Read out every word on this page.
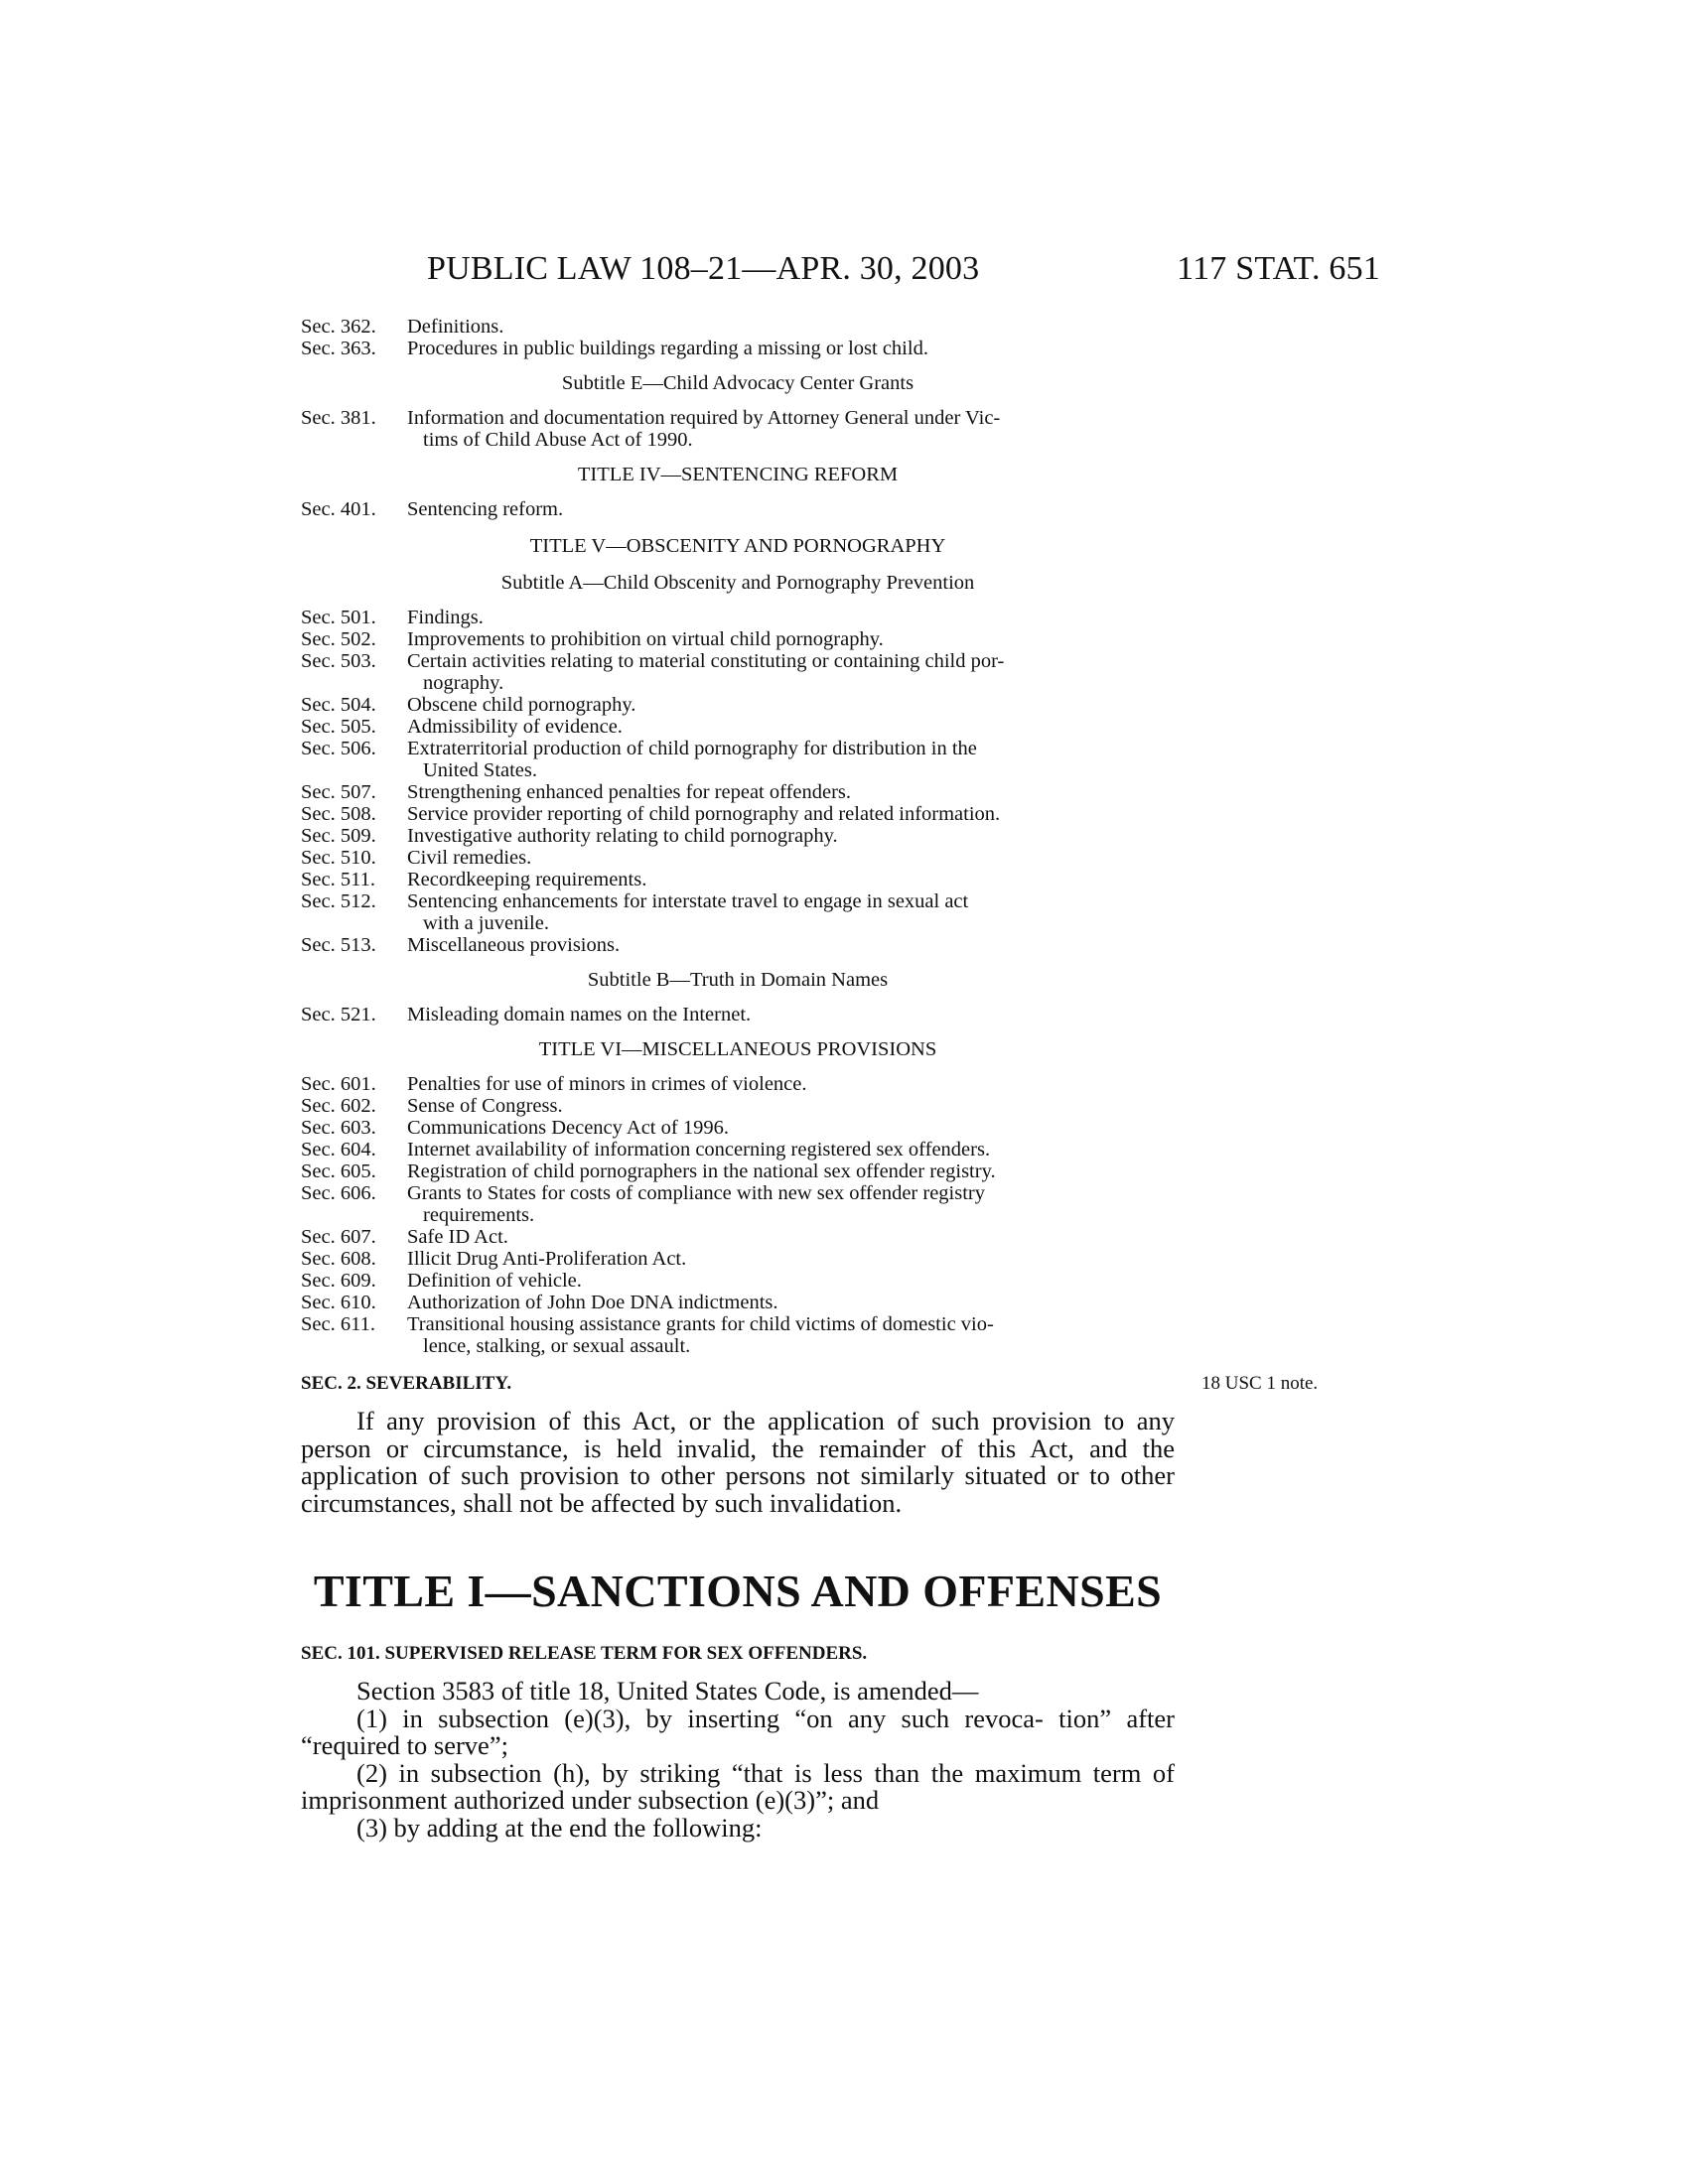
PUBLIC LAW 108–21—APR. 30, 2003	117 STAT. 651
Sec. 362. Definitions.
Sec. 363. Procedures in public buildings regarding a missing or lost child.
Subtitle E—Child Advocacy Center Grants
Sec. 381. Information and documentation required by Attorney General under Vic-
tims of Child Abuse Act of 1990.
TITLE IV—SENTENCING REFORM
Sec. 401. Sentencing reform.
TITLE V—OBSCENITY AND PORNOGRAPHY
Subtitle A—Child Obscenity and Pornography Prevention
Sec. 501. Findings.
Sec. 502. Improvements to prohibition on virtual child pornography.
Sec. 503. Certain activities relating to material constituting or containing child por-
nography.
Sec. 504. Obscene child pornography.
Sec. 505. Admissibility of evidence.
Sec. 506. Extraterritorial production of child pornography for distribution in the
United States.
Sec. 507. Strengthening enhanced penalties for repeat offenders.
Sec. 508. Service provider reporting of child pornography and related information.
Sec. 509. Investigative authority relating to child pornography.
Sec. 510. Civil remedies.
Sec. 511. Recordkeeping requirements.
Sec. 512. Sentencing enhancements for interstate travel to engage in sexual act
with a juvenile.
Sec. 513. Miscellaneous provisions.
Subtitle B—Truth in Domain Names
Sec. 521. Misleading domain names on the Internet.
TITLE VI—MISCELLANEOUS PROVISIONS
Sec. 601. Penalties for use of minors in crimes of violence.
Sec. 602. Sense of Congress.
Sec. 603. Communications Decency Act of 1996.
Sec. 604. Internet availability of information concerning registered sex offenders.
Sec. 605. Registration of child pornographers in the national sex offender registry.
Sec. 606. Grants to States for costs of compliance with new sex offender registry
requirements.
Sec. 607. Safe ID Act.
Sec. 608. Illicit Drug Anti-Proliferation Act.
Sec. 609. Definition of vehicle.
Sec. 610. Authorization of John Doe DNA indictments.
Sec. 611. Transitional housing assistance grants for child victims of domestic vio-
lence, stalking, or sexual assault.
SEC. 2. SEVERABILITY.	18 USC 1 note.

If any provision of this Act, or the application of such provision to any person or circumstance, is held invalid, the remainder of this Act, and the application of such provision to other persons not similarly situated or to other circumstances, shall not be affected by such invalidation.

TITLE I—SANCTIONS AND OFFENSES
SEC. 101. SUPERVISED RELEASE TERM FOR SEX OFFENDERS.

Section 3583 of title 18, United States Code, is amended—

(1) in subsection (e)(3), by inserting “on any such revoca- tion” after “required to serve”;

(2) in subsection (h), by striking “that is less than the maximum term of imprisonment authorized under subsection (e)(3)”; and

(3) by adding at the end the following:
